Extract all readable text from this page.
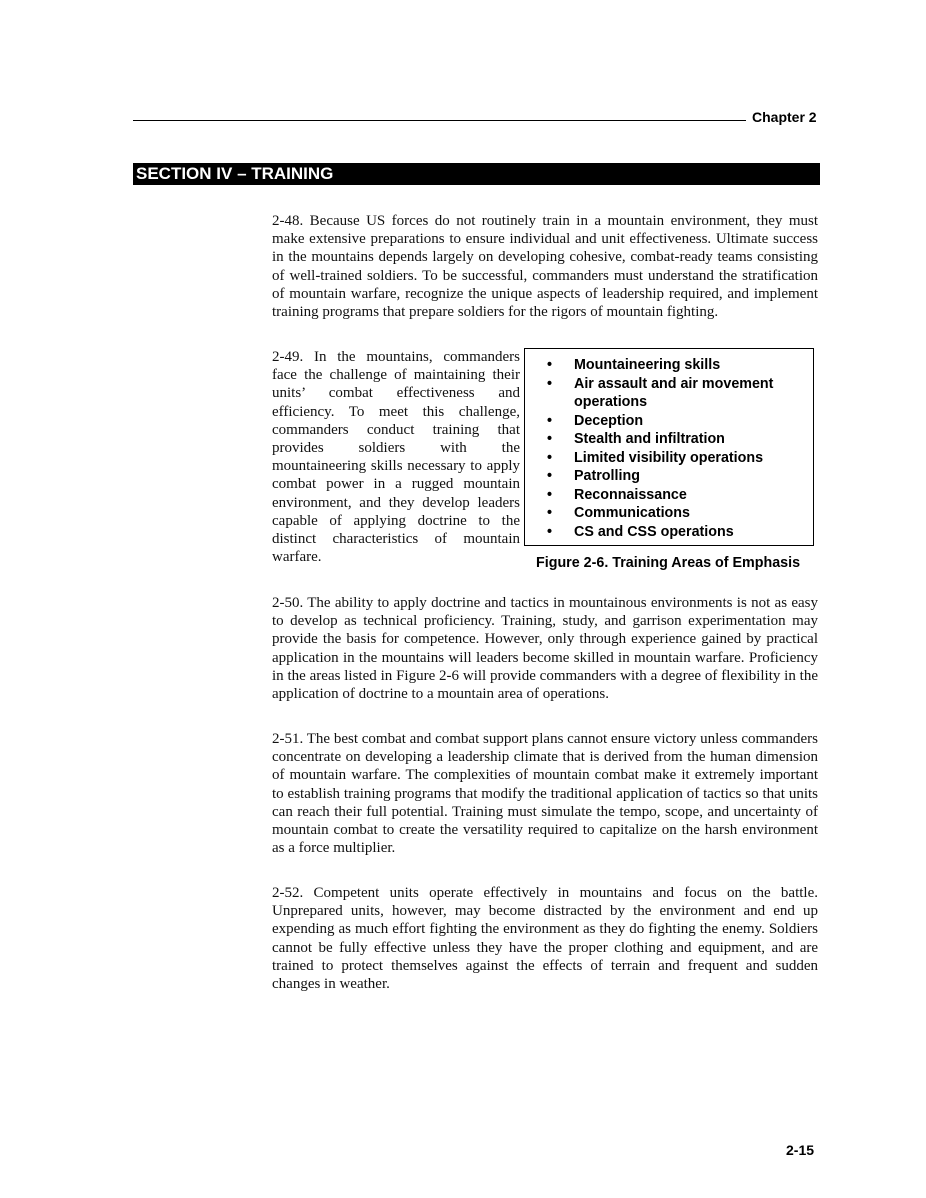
Chapter 2
SECTION IV – TRAINING

2-48. Because US forces do not routinely train in a mountain environment, they must make extensive preparations to ensure individual and unit effectiveness. Ultimate success in the mountains depends largely on developing cohesive, combat-ready teams consisting of well-trained soldiers. To be successful, commanders must understand the stratification of mountain warfare, recognize the unique aspects of leadership required, and implement training programs that prepare soldiers for the rigors of mountain fighting.

2-49. In the mountains, commanders face the challenge of maintaining their units’ combat effectiveness and efficiency. To meet this challenge, commanders conduct training that provides soldiers with the mountaineering skills necessary to apply combat power in a rugged mountain environment, and they develop leaders capable of applying doctrine to the distinct characteristics of mountain warfare.

• Mountaineering skills
• Air assault and air movement operations
• Deception
• Stealth and infiltration
• Limited visibility operations
• Patrolling
• Reconnaissance
• Communications
• CS and CSS operations
Figure 2-6. Training Areas of Emphasis

2-50. The ability to apply doctrine and tactics in mountainous environments is not as easy to develop as technical proficiency. Training, study, and garrison experimentation may provide the basis for competence. However, only through experience gained by practical application in the mountains will leaders become skilled in mountain warfare. Proficiency in the areas listed in Figure 2-6 will provide commanders with a degree of flexibility in the application of doctrine to a mountain area of operations.

2-51. The best combat and combat support plans cannot ensure victory unless commanders concentrate on developing a leadership climate that is derived from the human dimension of mountain warfare. The complexities of mountain combat make it extremely important to establish training programs that modify the traditional application of tactics so that units can reach their full potential. Training must simulate the tempo, scope, and uncertainty of mountain combat to create the versatility required to capitalize on the harsh environment as a force multiplier.

2-52. Competent units operate effectively in mountains and focus on the battle. Unprepared units, however, may become distracted by the environment and end up expending as much effort fighting the environment as they do fighting the enemy. Soldiers cannot be fully effective unless they have the proper clothing and equipment, and are trained to protect themselves against the effects of terrain and frequent and sudden changes in weather.

2-15
